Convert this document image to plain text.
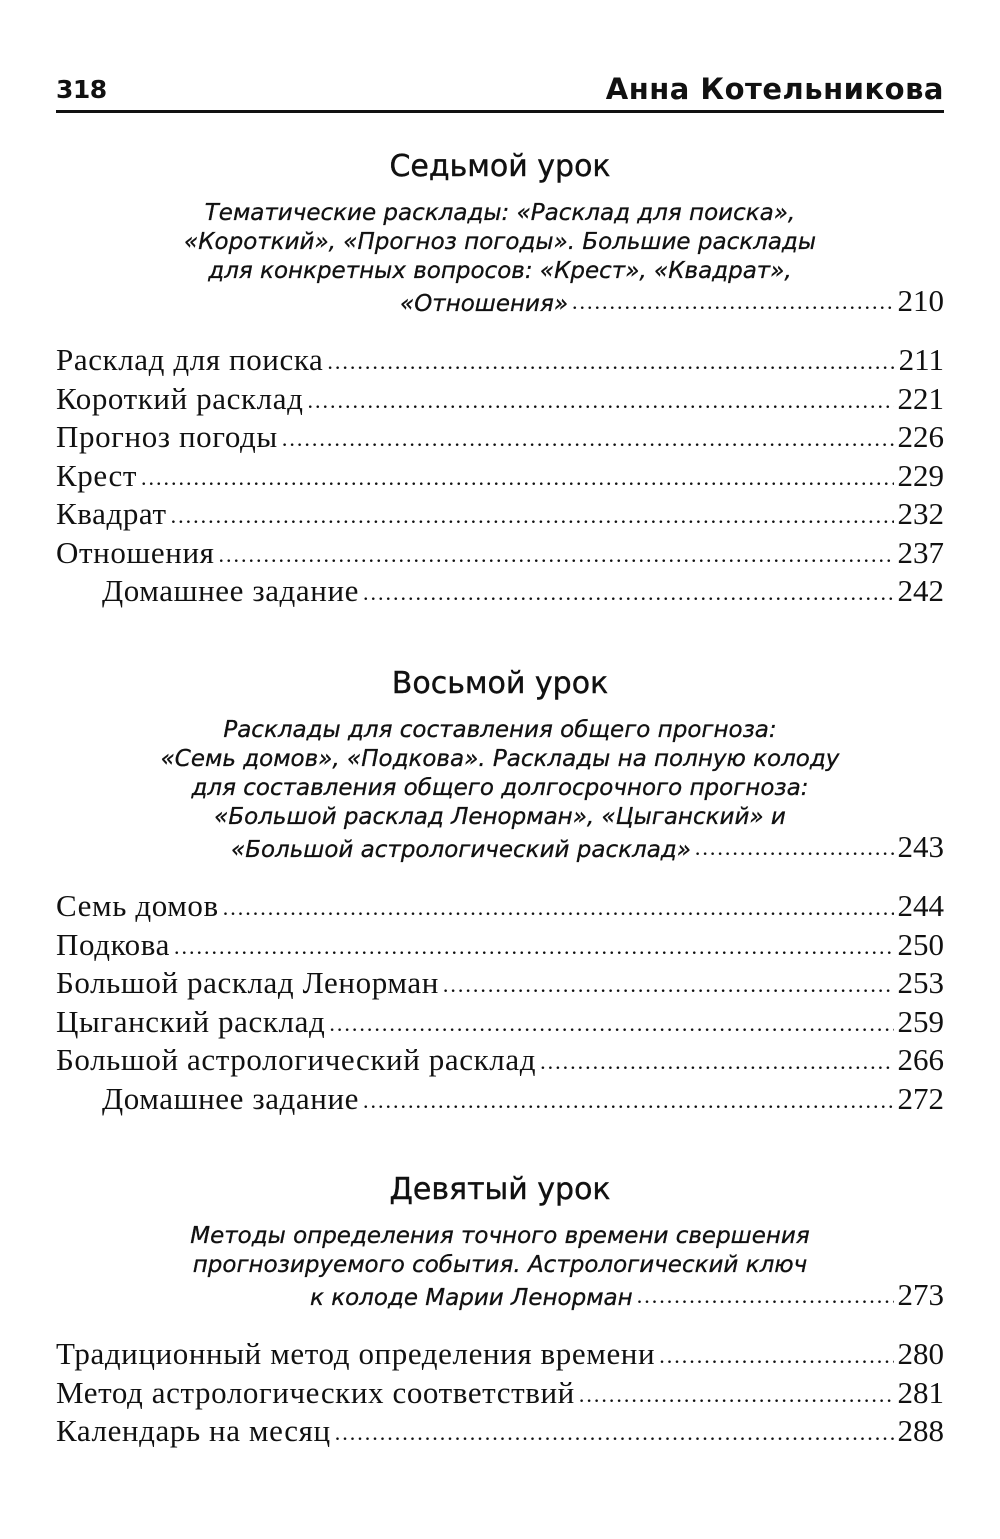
318	Анна Котельникова
Седьмой урок
Тематические расклады: «Расклад для поиска»,
«Короткий», «Прогноз погоды». Большие расклады
для конкретных вопросов: «Крест», «Квадрат»,
«Отношения» .....	210
Расклад для поиска .....	211
Короткий расклад .....	221
Прогноз погоды .....	226
Крест .....	229
Квадрат .....	232
Отношения .....	237
Домашнее задание .....	242
Восьмой урок
Расклады для составления общего прогноза:
«Семь домов», «Подкова». Расклады на полную колоду
для составления общего долгосрочного прогноза:
«Большой расклад Ленорман», «Цыганский» и
«Большой астрологический расклад» .....	243
Семь домов .....	244
Подкова .....	250
Большой расклад Ленорман .....	253
Цыганский расклад .....	259
Большой астрологический расклад .....	266
Домашнее задание .....	272
Девятый урок
Методы определения точного времени свершения
прогнозируемого события. Астрологический ключ
к колоде Марии Ленорман .....	273
Традиционный метод определения времени .....	280
Метод астрологических соответствий .....	281
Календарь на месяц .....	288
